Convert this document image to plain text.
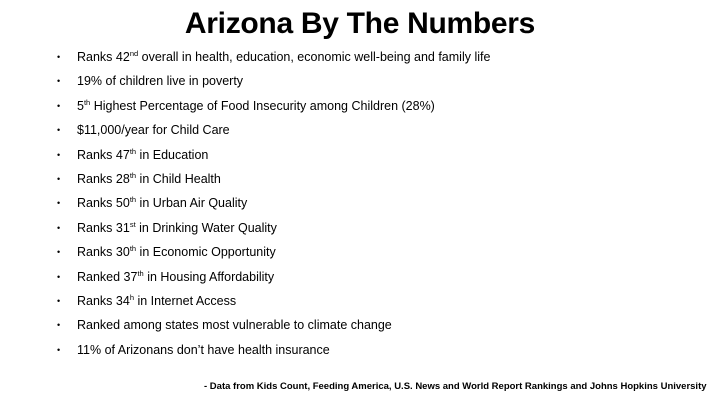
Arizona By The Numbers
• Ranks 42nd overall in health, education, economic well-being and family life
• 19% of children live in poverty
• 5th Highest Percentage of Food Insecurity among Children (28%)
• $11,000/year for Child Care
• Ranks 47th in Education
• Ranks 28th in Child Health
• Ranks 50th in Urban Air Quality
• Ranks 31st in Drinking Water Quality
• Ranks 30th in Economic Opportunity
• Ranked 37th in Housing Affordability
• Ranks 34$^h$ in Internet Access
• Ranked among states most vulnerable to climate change
• 11% of Arizonans don’t have health insurance
- Data from Kids Count, Feeding America, U.S. News and World Report Rankings and Johns Hopkins University
